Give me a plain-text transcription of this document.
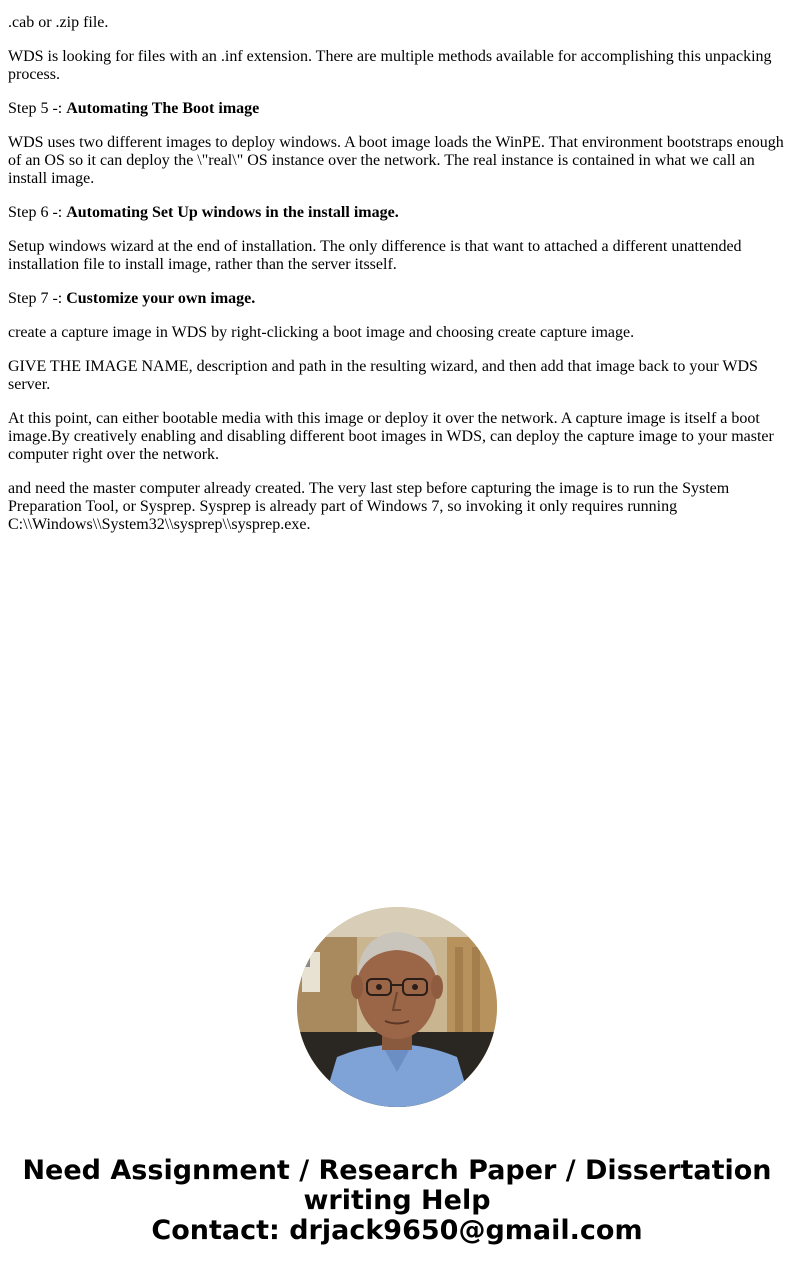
.cab or .zip file.

WDS is looking for files with an .inf extension. There are multiple methods available for accomplishing this unpacking process.

Step 5 -: Automating The Boot image

WDS uses two different images to deploy windows. A boot image loads the WinPE. That environment bootstraps enough of an OS so it can deploy the \"real\" OS instance over the network. The real instance is contained in what we call an install image.

Step 6 -: Automating Set Up windows in the install image.

Setup windows wizard at the end of installation. The only difference is that want to attached a different unattended installation file to install image, rather than the server itsself.

Step 7 -: Customize your own image.

create a capture image in WDS by right-clicking a boot image and choosing create capture image.

GIVE THE IMAGE NAME, description and path in the resulting wizard, and then add that image back to your WDS server.

At this point, can either bootable media with this image or deploy it over the network. A capture image is itself a boot image.By creatively enabling and disabling different boot images in WDS, can deploy the capture image to your master computer right over the network.

and need the master computer already created. The very last step before capturing the image is to run the System Preparation Tool, or Sysprep. Sysprep is already part of Windows 7, so invoking it only requires running C:\\Windows\\System32\\sysprep\\sysprep.exe.

Need Assignment / Research Paper / Dissertation
writing Help
Contact: drjack9650@gmail.com
